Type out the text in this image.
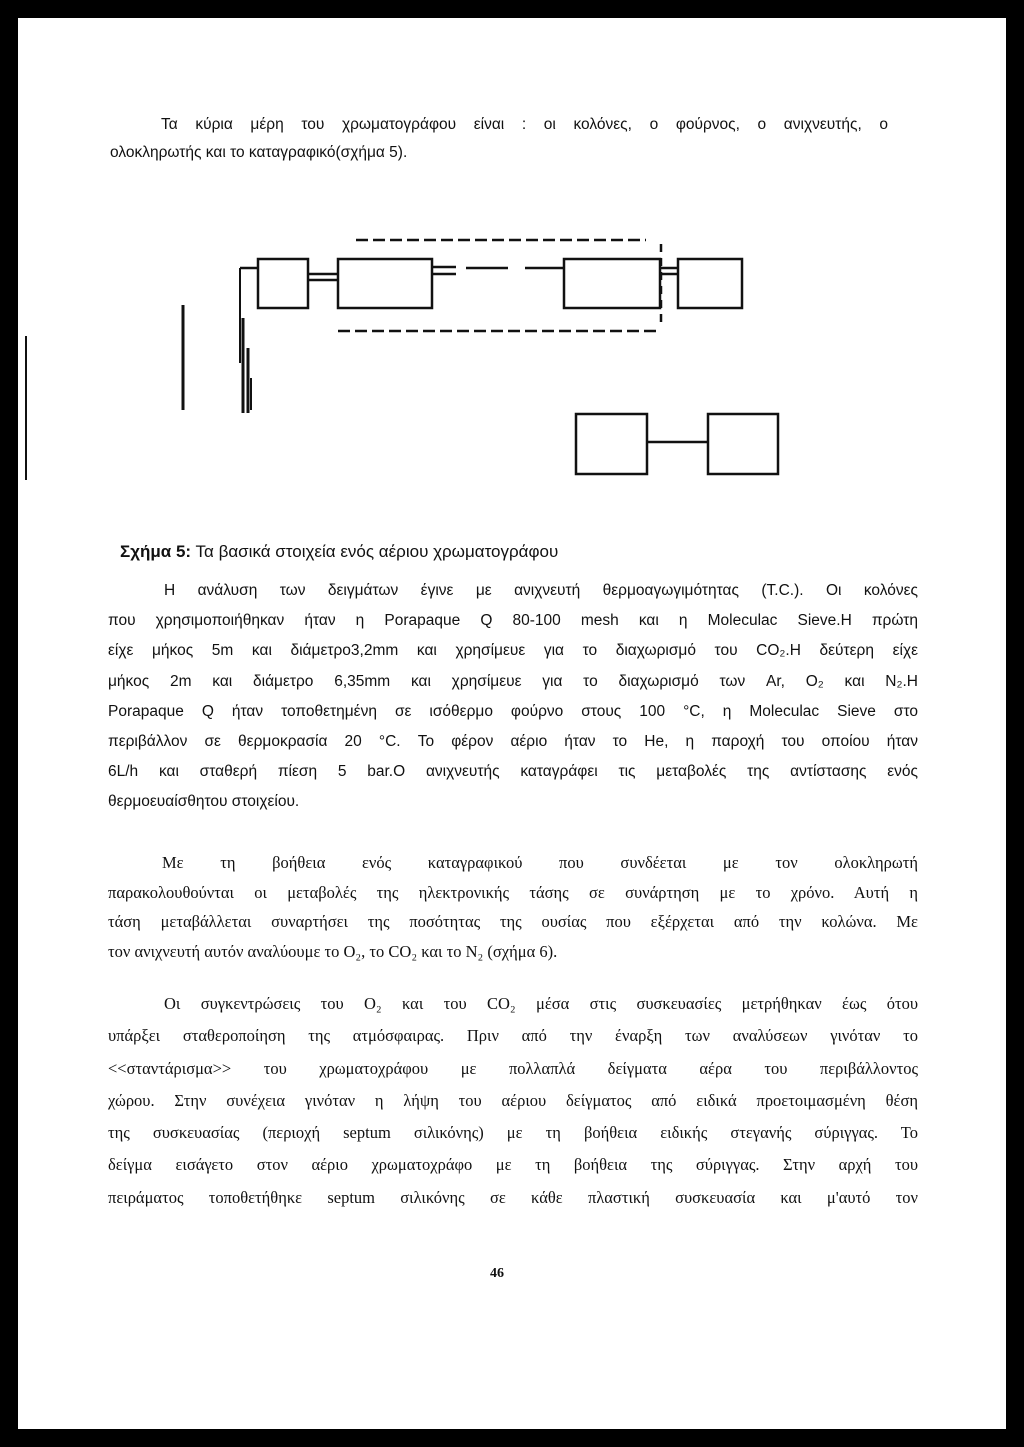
Τα κύρια μέρη του χρωματογράφου είναι : οι κολόνες, ο φούρνος, ο ανιχνευτής, ο

ολοκληρωτής και το καταγραφικό(σχήμα 5).

Σχήμα 5: Τα βασικά στοιχεία ενός αέριου χρωματογράφου
Η ανάλυση των δειγμάτων έγινε με ανιχνευτή θερμοαγωγιμότητας (T.C.). Οι κολόνες
που χρησιμοποιήθηκαν ήταν η Porapaque Q 80-100 mesh και η Moleculac Sieve.Η πρώτη
είχε μήκος 5m και διάμετρο3,2mm και χρησίμευε για το διαχωρισμό του CO₂.Η δεύτερη είχε
μήκος 2m και διάμετρο 6,35mm και χρησίμευε για το διαχωρισμό των Ar, O₂ και N₂.Η
Porapaque Q ήταν τοποθετημένη σε ισόθερμο φούρνο στους 100 °C, η Moleculac Sieve στο
περιβάλλον σε θερμοκρασία 20 °C. Το φέρον αέριο ήταν το He, η παροχή του οποίου ήταν
6L/h και σταθερή πίεση 5 bar.Ο ανιχνευτής καταγράφει τις μεταβολές της αντίστασης ενός
θερμοευαίσθητου στοιχείου.
Με τη βοήθεια ενός καταγραφικού που συνδέεται με τον ολοκληρωτή
παρακολουθούνται οι μεταβολές της ηλεκτρονικής τάσης σε συνάρτηση με το χρόνο. Αυτή η
τάση μεταβάλλεται συναρτήσει της ποσότητας της ουσίας που εξέρχεται από την κολώνα. Με
τον ανιχνευτή αυτόν αναλύουμε το O₂, το CO₂ και το N₂ (σχήμα 6).
Οι συγκεντρώσεις του O₂ και του CO₂ μέσα στις συσκευασίες μετρήθηκαν έως ότου
υπάρξει σταθεροποίηση της ατμόσφαιρας. Πριν από την έναρξη των αναλύσεων γινόταν το
<<σταντάρισμα>> του χρωματοχράφου με πολλαπλά δείγματα αέρα του περιβάλλοντος
χώρου. Στην συνέχεια γινόταν η λήψη του αέριου δείγματος από ειδικά προετοιμασμένη θέση
της συσκευασίας (περιοχή septum σιλικόνης) με τη βοήθεια ειδικής στεγανής σύριγγας. Το
δείγμα εισάγετο στον αέριο χρωματοχράφο με τη βοήθεια της σύριγγας. Στην αρχή του
πειράματος τοποθετήθηκε septum σιλικόνης σε κάθε πλαστική συσκευασία και μ'αυτό τον
46
